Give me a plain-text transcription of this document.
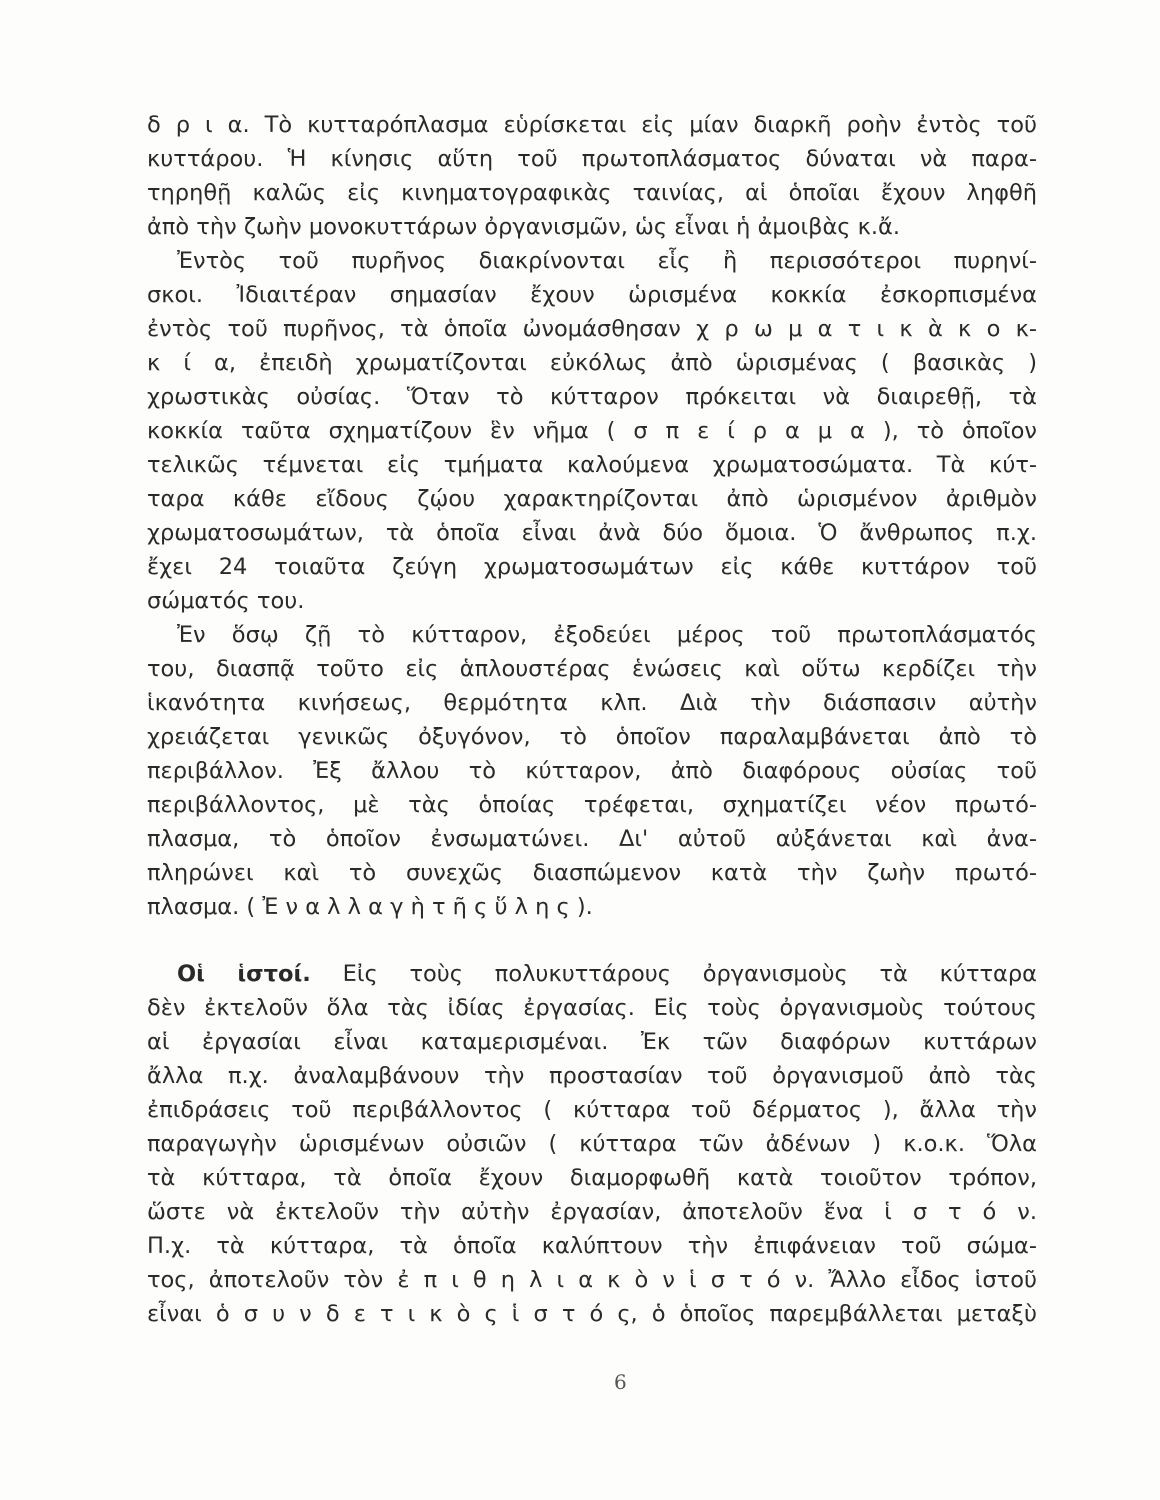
δ ρ ι α. Τὸ κυτταρόπλασμα εὑρίσκεται εἰς μίαν διαρκῆ ροὴν ἐντὸς τοῦ
κυττάρου. Ἡ κίνησις αὕτη τοῦ πρωτοπλάσματος δύναται νὰ παρα-
τηρηθῇ καλῶς εἰς κινηματογραφικὰς ταινίας, αἱ ὁποῖαι ἔχουν ληφθῆ
ἀπὸ τὴν ζωὴν μονοκυττάρων ὀργανισμῶν, ὡς εἶναι ἡ ἀμοιβὰς κ.ἄ.
Ἐντὸς τοῦ πυρῆνος διακρίνονται εἷς ἢ περισσότεροι πυρηνί-
σκοι. Ἰδιαιτέραν σημασίαν ἔχουν ὡρισμένα κοκκία ἐσκορπισμένα
ἐντὸς τοῦ πυρῆνος, τὰ ὁποῖα ὠνομάσθησαν χ ρ ω μ α τ ι κ ὰ κ ο κ-
κ ί α, ἐπειδὴ χρωματίζονται εὐκόλως ἀπὸ ὡρισμένας ( βασικὰς )
χρωστικὰς οὐσίας. Ὅταν τὸ κύτταρον πρόκειται νὰ διαιρεθῇ, τὰ
κοκκία ταῦτα σχηματίζουν ἓν νῆμα ( σ π ε ί ρ α μ α ), τὸ ὁποῖον
τελικῶς τέμνεται εἰς τμήματα καλούμενα χρωματοσώματα. Τὰ κύτ-
ταρα κάθε εἴδους ζῴου χαρακτηρίζονται ἀπὸ ὡρισμένον ἀριθμὸν
χρωματοσωμάτων, τὰ ὁποῖα εἶναι ἀνὰ δύο ὅμοια. Ὁ ἄνθρωπος π.χ.
ἔχει 24 τοιαῦτα ζεύγη χρωματοσωμάτων εἰς κάθε κυττάρον τοῦ
σώματός του.
Ἐν ὅσῳ ζῇ τὸ κύτταρον, ἐξοδεύει μέρος τοῦ πρωτοπλάσματός
του, διασπᾷ τοῦτο εἰς ἁπλουστέρας ἑνώσεις καὶ οὕτω κερδίζει τὴν
ἱκανότητα κινήσεως, θερμότητα κλπ. Διὰ τὴν διάσπασιν αὐτὴν
χρειάζεται γενικῶς ὀξυγόνον, τὸ ὁποῖον παραλαμβάνεται ἀπὸ τὸ
περιβάλλον. Ἐξ ἄλλου τὸ κύτταρον, ἀπὸ διαφόρους οὐσίας τοῦ
περιβάλλοντος, μὲ τὰς ὁποίας τρέφεται, σχηματίζει νέον πρωτό-
πλασμα, τὸ ὁποῖον ἐνσωματώνει. Δι' αὐτοῦ αὐξάνεται καὶ ἀνα-
πληρώνει καὶ τὸ συνεχῶς διασπώμενον κατὰ τὴν ζωὴν πρωτό-
πλασμα. ( Ἐ ν α λ λ α γ ὴ τ ῆ ς ὕ λ η ς ).
Οἱ ἱστοί. Εἰς τοὺς πολυκυττάρους ὀργανισμοὺς τὰ κύτταρα
δὲν ἐκτελοῦν ὅλα τὰς ἰδίας ἐργασίας. Εἰς τοὺς ὀργανισμοὺς τούτους
αἱ ἐργασίαι εἶναι καταμερισμέναι. Ἐκ τῶν διαφόρων κυττάρων
ἄλλα π.χ. ἀναλαμβάνουν τὴν προστασίαν τοῦ ὀργανισμοῦ ἀπὸ τὰς
ἐπιδράσεις τοῦ περιβάλλοντος ( κύτταρα τοῦ δέρματος ), ἄλλα τὴν
παραγωγὴν ὡρισμένων οὐσιῶν ( κύτταρα τῶν ἀδένων ) κ.ο.κ. Ὅλα
τὰ κύτταρα, τὰ ὁποῖα ἔχουν διαμορφωθῆ κατὰ τοιοῦτον τρόπον,
ὥστε νὰ ἐκτελοῦν τὴν αὐτὴν ἐργασίαν, ἀποτελοῦν ἕνα ἱ σ τ ό ν.
Π.χ. τὰ κύτταρα, τὰ ὁποῖα καλύπτουν τὴν ἐπιφάνειαν τοῦ σώμα-
τος, ἀποτελοῦν τὸν ἐ π ι θ η λ ι α κ ὸ ν ἱ σ τ ό ν. Ἄλλο εἶδος ἱστοῦ
εἶναι ὁ σ υ ν δ ε τ ι κ ὸ ς ἱ σ τ ό ς, ὁ ὁποῖος παρεμβάλλεται μεταξὺ
6
